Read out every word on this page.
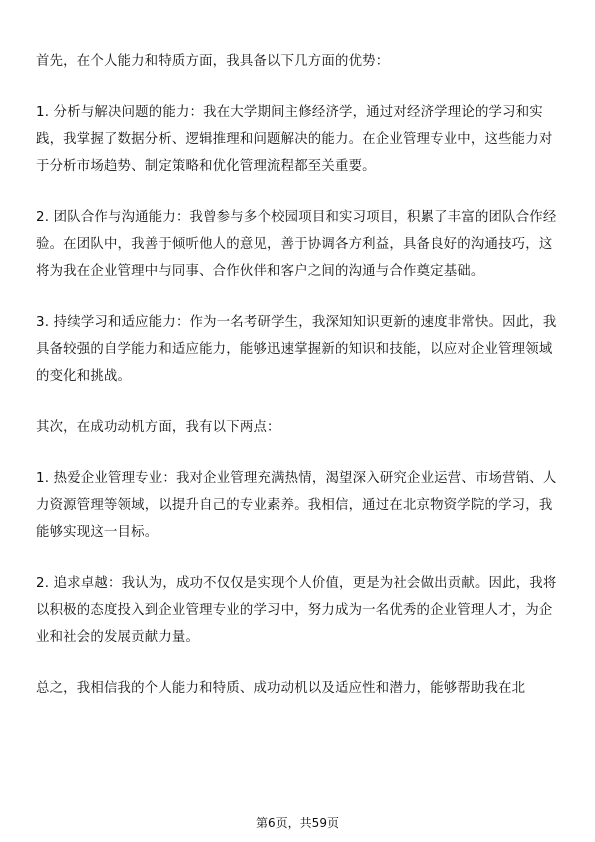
首先，在个人能力和特质方面，我具备以下几方面的优势：

1. 分析与解决问题的能力：我在大学期间主修经济学，通过对经济学理论的学习和实践，我掌握了数据分析、逻辑推理和问题解决的能力。在企业管理专业中，这些能力对于分析市场趋势、制定策略和优化管理流程都至关重要。

2. 团队合作与沟通能力：我曾参与多个校园项目和实习项目，积累了丰富的团队合作经验。在团队中，我善于倾听他人的意见，善于协调各方利益，具备良好的沟通技巧，这将为我在企业管理中与同事、合作伙伴和客户之间的沟通与合作奠定基础。

3. 持续学习和适应能力：作为一名考研学生，我深知知识更新的速度非常快。因此，我具备较强的自学能力和适应能力，能够迅速掌握新的知识和技能，以应对企业管理领域的变化和挑战。

其次，在成功动机方面，我有以下两点：

1. 热爱企业管理专业：我对企业管理充满热情，渴望深入研究企业运营、市场营销、人力资源管理等领域，以提升自己的专业素养。我相信，通过在北京物资学院的学习，我能够实现这一目标。

2. 追求卓越：我认为，成功不仅仅是实现个人价值，更是为社会做出贡献。因此，我将以积极的态度投入到企业管理专业的学习中，努力成为一名优秀的企业管理人才，为企业和社会的发展贡献力量。

总之，我相信我的个人能力和特质、成功动机以及适应性和潜力，能够帮助我在北

第6页，共59页
